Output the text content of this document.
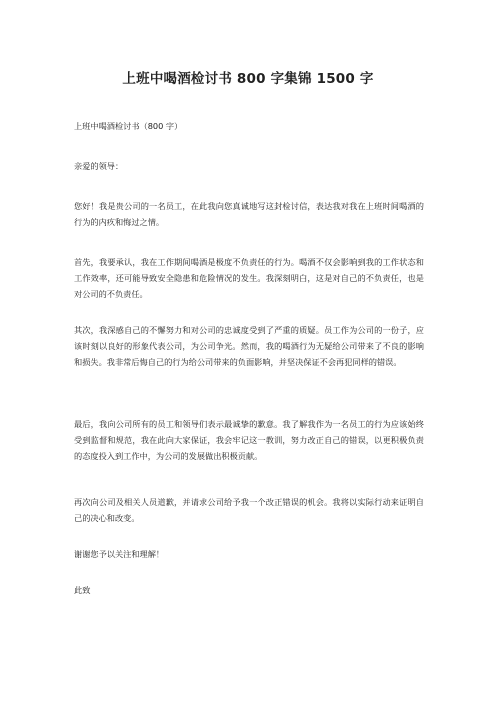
上班中喝酒检讨书 800 字集锦 1500 字

上班中喝酒检讨书（800 字）

亲爱的领导：

您好！我是贵公司的一名员工，在此我向您真诚地写这封检讨信，表达我对我在上班时间喝酒的行为的内疚和悔过之情。

首先，我要承认，我在工作期间喝酒是极度不负责任的行为。喝酒不仅会影响到我的工作状态和工作效率，还可能导致安全隐患和危险情况的发生。我深刻明白，这是对自己的不负责任，也是对公司的不负责任。

其次，我深感自己的不懈努力和对公司的忠诚度受到了严重的质疑。员工作为公司的一份子，应该时刻以良好的形象代表公司，为公司争光。然而，我的喝酒行为无疑给公司带来了不良的影响和损失。我非常后悔自己的行为给公司带来的负面影响，并坚决保证不会再犯同样的错误。

最后，我向公司所有的员工和领导们表示最诚挚的歉意。我了解我作为一名员工的行为应该始终受到监督和规范，我在此向大家保证，我会牢记这一教训，努力改正自己的错误，以更积极负责的态度投入到工作中，为公司的发展做出积极贡献。

再次向公司及相关人员道歉，并请求公司给予我一个改正错误的机会。我将以实际行动来证明自己的决心和改变。

谢谢您予以关注和理解！

此致
